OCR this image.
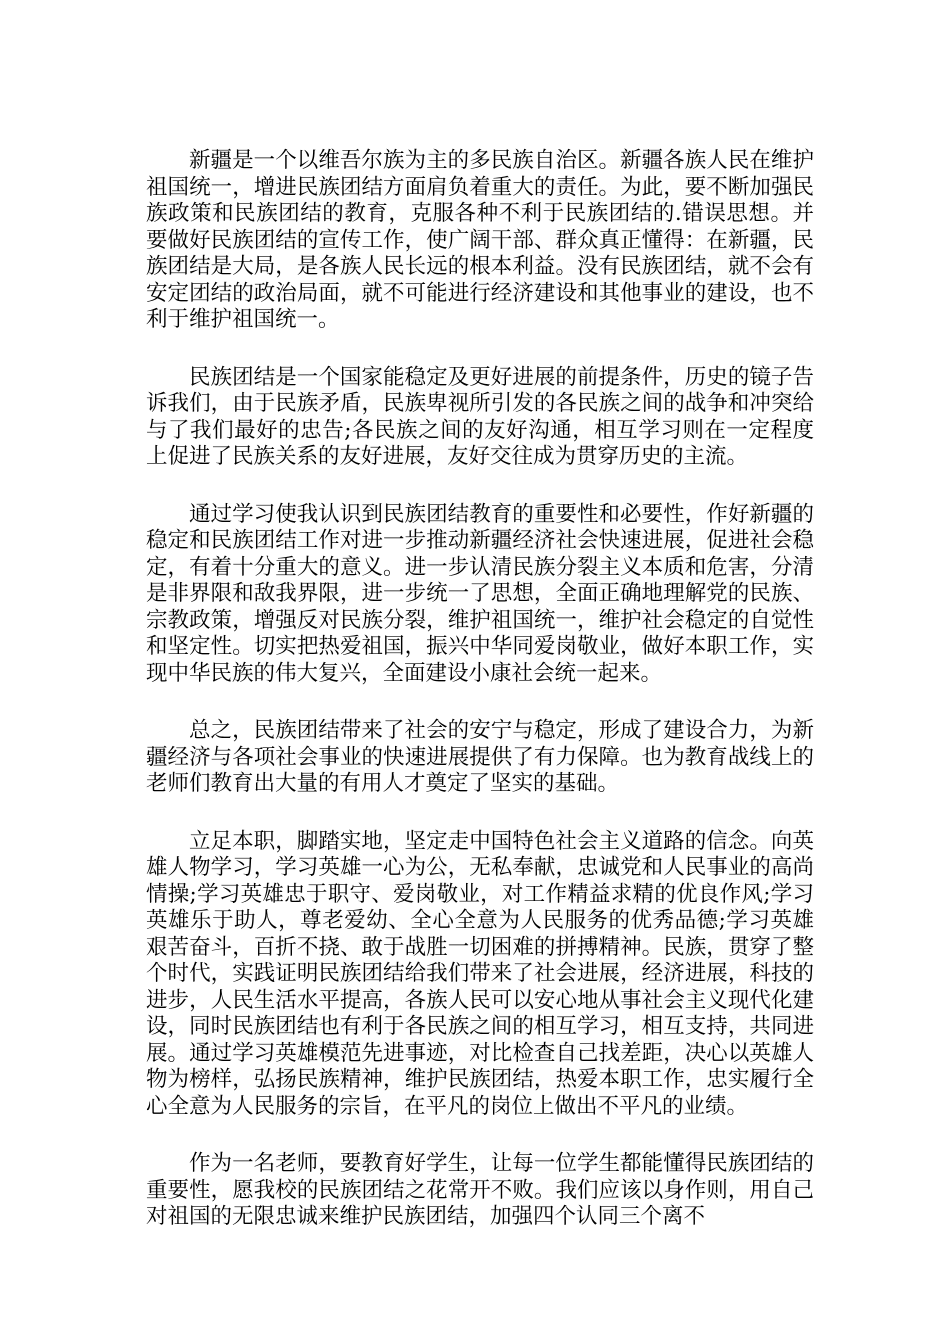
新疆是一个以维吾尔族为主的多民族自治区。新疆各族人民在维护祖国统一，增进民族团结方面肩负着重大的责任。为此，要不断加强民族政策和民族团结的教育，克服各种不利于民族团结的.错误思想。并要做好民族团结的宣传工作，使广阔干部、群众真正懂得：在新疆，民族团结是大局，是各族人民长远的根本利益。没有民族团结，就不会有安定团结的政治局面，就不可能进行经济建设和其他事业的建设，也不利于维护祖国统一。

民族团结是一个国家能稳定及更好进展的前提条件，历史的镜子告诉我们，由于民族矛盾，民族卑视所引发的各民族之间的战争和冲突给与了我们最好的忠告;各民族之间的友好沟通，相互学习则在一定程度上促进了民族关系的友好进展，友好交往成为贯穿历史的主流。

通过学习使我认识到民族团结教育的重要性和必要性，作好新疆的稳定和民族团结工作对进一步推动新疆经济社会快速进展，促进社会稳定，有着十分重大的意义。进一步认清民族分裂主义本质和危害，分清是非界限和敌我界限，进一步统一了思想，全面正确地理解党的民族、宗教政策，增强反对民族分裂，维护祖国统一，维护社会稳定的自觉性和坚定性。切实把热爱祖国，振兴中华同爱岗敬业，做好本职工作，实现中华民族的伟大复兴，全面建设小康社会统一起来。

总之，民族团结带来了社会的安宁与稳定，形成了建设合力，为新疆经济与各项社会事业的快速进展提供了有力保障。也为教育战线上的老师们教育出大量的有用人才奠定了坚实的基础。

立足本职，脚踏实地，坚定走中国特色社会主义道路的信念。向英雄人物学习，学习英雄一心为公，无私奉献，忠诚党和人民事业的高尚情操;学习英雄忠于职守、爱岗敬业，对工作精益求精的优良作风;学习英雄乐于助人，尊老爱幼、全心全意为人民服务的优秀品德;学习英雄艰苦奋斗，百折不挠、敢于战胜一切困难的拼搏精神。民族，贯穿了整个时代，实践证明民族团结给我们带来了社会进展，经济进展，科技的进步，人民生活水平提高，各族人民可以安心地从事社会主义现代化建设，同时民族团结也有利于各民族之间的相互学习，相互支持，共同进展。通过学习英雄模范先进事迹，对比检查自己找差距，决心以英雄人物为榜样，弘扬民族精神，维护民族团结，热爱本职工作，忠实履行全心全意为人民服务的宗旨，在平凡的岗位上做出不平凡的业绩。

作为一名老师，要教育好学生，让每一位学生都能懂得民族团结的重要性，愿我校的民族团结之花常开不败。我们应该以身作则，用自己对祖国的无限忠诚来维护民族团结，加强四个认同三个离不
